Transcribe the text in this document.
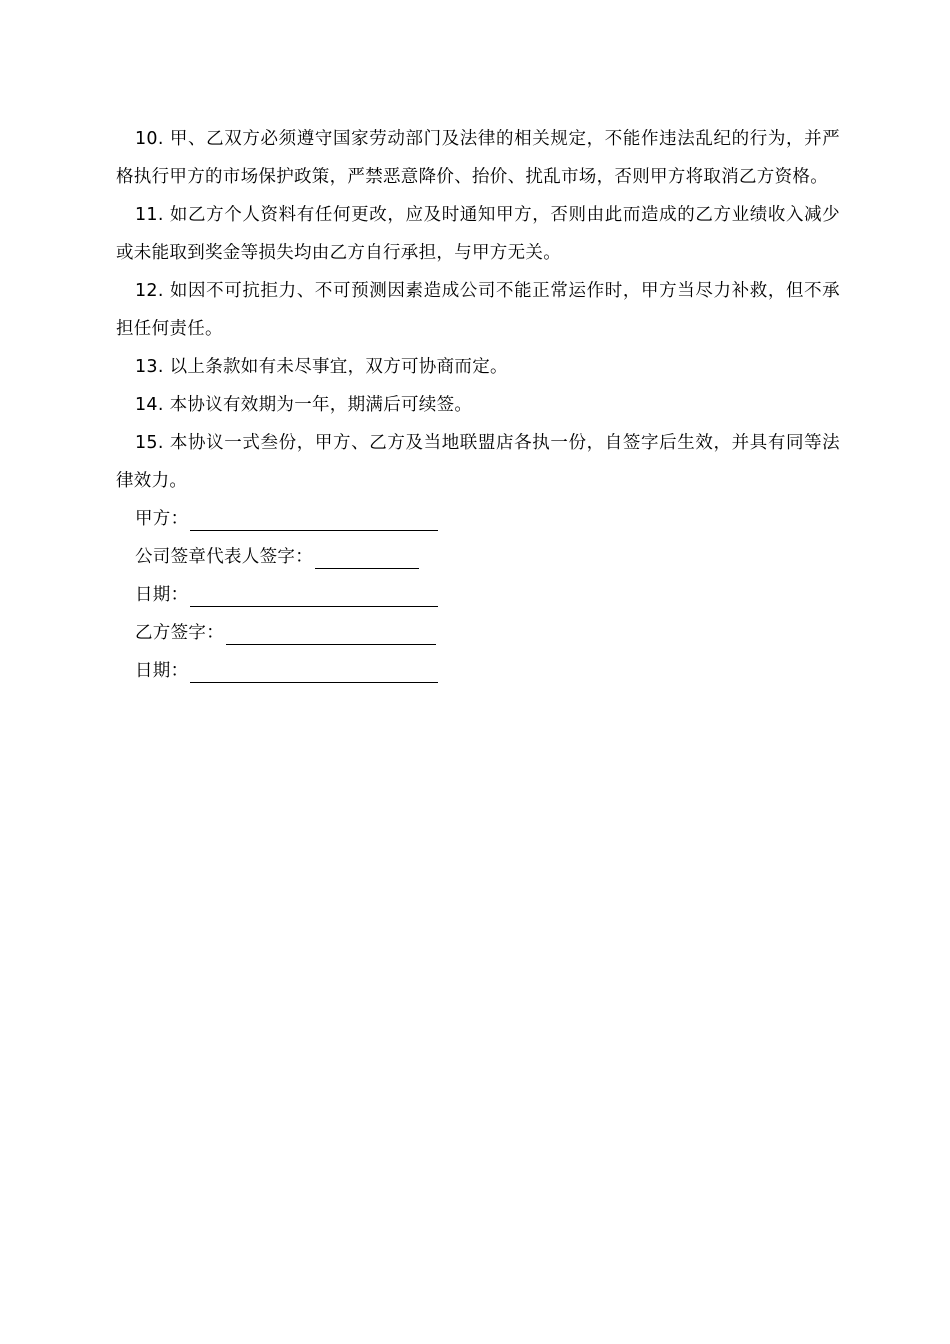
10. 甲、乙双方必须遵守国家劳动部门及法律的相关规定，不能作违法乱纪的行为，并严格执行甲方的市场保护政策，严禁恶意降价、抬价、扰乱市场，否则甲方将取消乙方资格。

11. 如乙方个人资料有任何更改，应及时通知甲方，否则由此而造成的乙方业绩收入减少或未能取到奖金等损失均由乙方自行承担，与甲方无关。

12. 如因不可抗拒力、不可预测因素造成公司不能正常运作时，甲方当尽力补救，但不承担任何责任。

13. 以上条款如有未尽事宜，双方可协商而定。

14. 本协议有效期为一年，期满后可续签。

15. 本协议一式叁份，甲方、乙方及当地联盟店各执一份，自签字后生效，并具有同等法律效力。

甲方：
公司签章代表人签字：
日期：
乙方签字：
日期：
